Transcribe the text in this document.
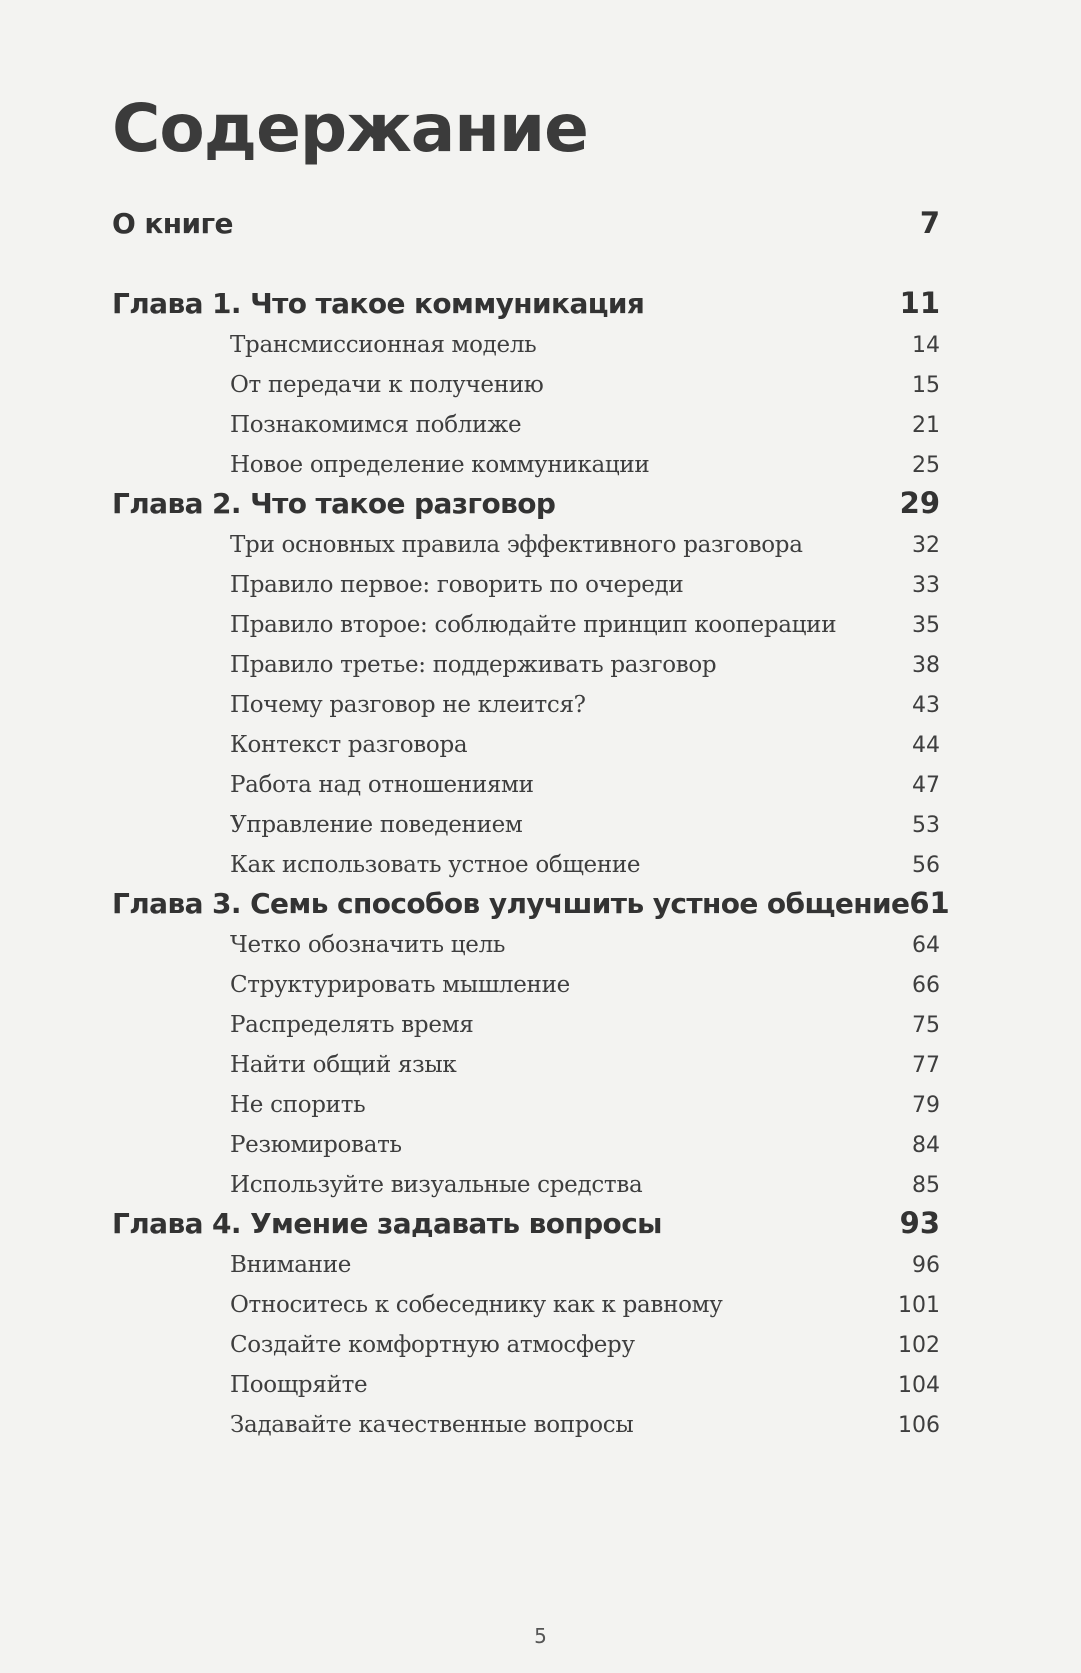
Содержание
О книге	7
Глава 1. Что такое коммуникация	11
Трансмиссионная модель	14
От передачи к получению	15
Познакомимся поближе	21
Новое определение коммуникации	25
Глава 2. Что такое разговор	29
Три основных правила эффективного разговора	32
Правило первое: говорить по очереди	33
Правило второе: соблюдайте принцип кооперации	35
Правило третье: поддерживать разговор	38
Почему разговор не клеится?	43
Контекст разговора	44
Работа над отношениями	47
Управление поведением	53
Как использовать устное общение	56
Глава 3. Семь способов улучшить устное общение 61
Четко обозначить цель	64
Структурировать мышление	66
Распределять время	75
Найти общий язык	77
Не спорить	79
Резюмировать	84
Используйте визуальные средства	85
Глава 4. Умение задавать вопросы	93
Внимание	96
Относитесь к собеседнику как к равному	101
Создайте комфортную атмосферу	102
Поощряйте	104
Задавайте качественные вопросы	106
5
